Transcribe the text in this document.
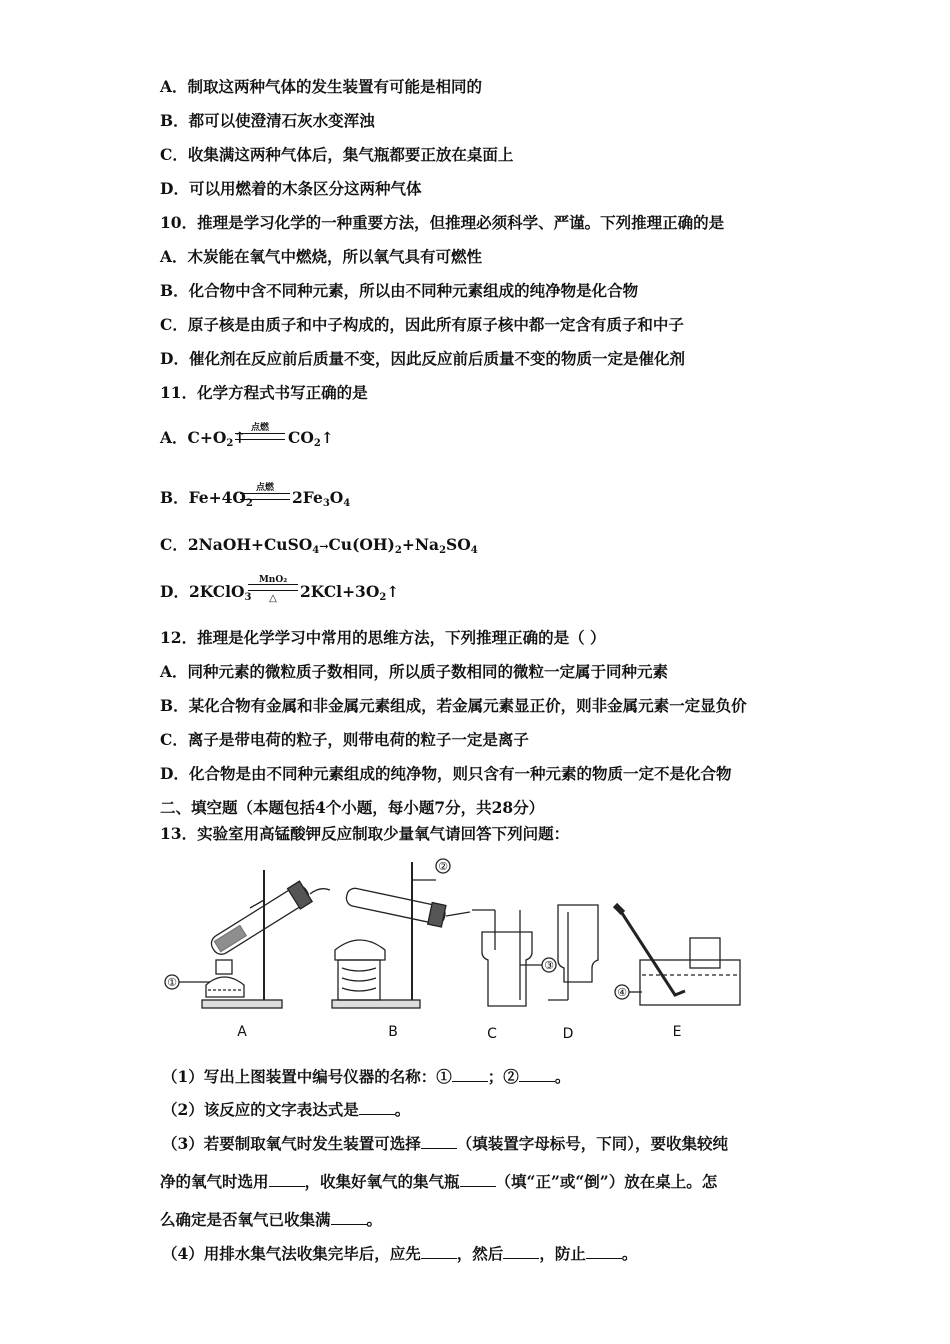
A．制取这两种气体的发生装置有可能是相同的
B．都可以使澄清石灰水变浑浊
C．收集满这两种气体后，集气瓶都要正放在桌面上
D．可以用燃着的木条区分这两种气体
10．推理是学习化学的一种重要方法，但推理必须科学、严谨。下列推理正确的是
A．木炭能在氧气中燃烧，所以氧气具有可燃性
B．化合物中含不同种元素，所以由不同种元素组成的纯净物是化合物
C．原子核是由质子和中子构成的，因此所有原子核中都一定含有质子和中子
D．催化剂在反应前后质量不变，因此反应前后质量不变的物质一定是催化剂
11．化学方程式书写正确的是
A．$C+O_2↑$ 点燃	$CO_2↑$
B．$Fe+4O_2$
点燃	$2Fe_3O_4$
C．$2NaOH+CuSO_4\to Cu(OH)_2+Na_2SO_4$
D．2KClO$_3$
MnO₂
△	$2KCl+3O_2↑$
12．推理是化学学习中常用的思维方法，下列推理正确的是（ ）
A．同种元素的微粒质子数相同，所以质子数相同的微粒一定属于同种元素
B．某化合物有金属和非金属元素组成，若金属元素显正价，则非金属元素一定显负价
C．离子是带电荷的粒子，则带电荷的粒子一定是离子
D．化合物是由不同种元素组成的纯净物，则只含有一种元素的物质一定不是化合物
二、填空题（本题包括4个小题，每小题7分，共28分）
13．实验室用高锰酸钾反应制取少量氧气请回答下列问题：
①
②
③
④
A	B	C	D	E
（1）写出上图装置中编号仪器的名称：① ；② 。
（2）该反应的文字表达式是 。
（3）若要制取氧气时发生装置可选择 （填装置字母标号，下同），要收集较纯
净的氧气时选用 ，收集好氧气的集气瓶 （填“正”或“倒”）放在桌上。怎
么确定是否氧气已收集满 。
（4）用排水集气法收集完毕后，应先 ，然后 ，防止 。
